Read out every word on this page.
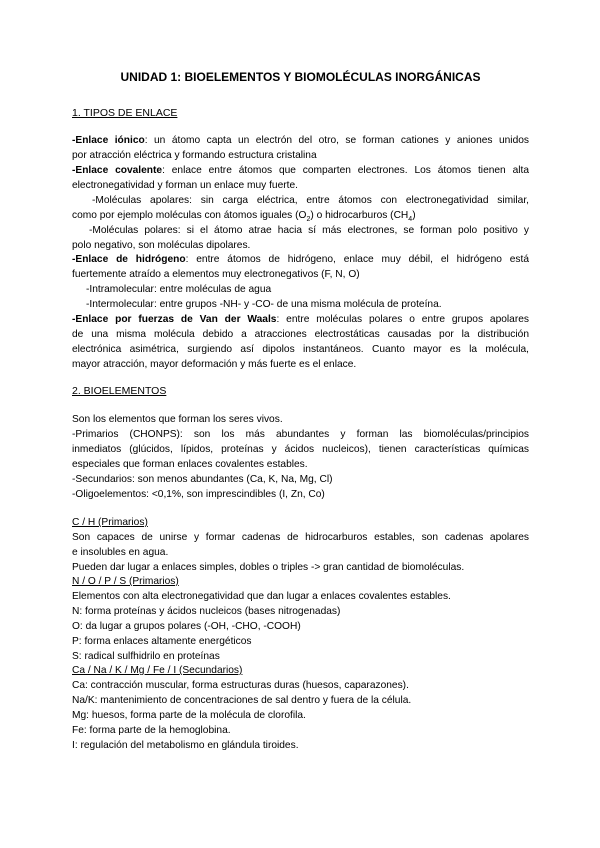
UNIDAD 1: BIOELEMENTOS Y BIOMOLÉCULAS INORGÁNICAS
1. TIPOS DE ENLACE
-Enlace iónico: un átomo capta un electrón del otro, se forman cationes y aniones unidos
por atracción eléctrica y formando estructura cristalina
-Enlace covalente: enlace entre átomos que comparten electrones. Los átomos tienen alta
electronegatividad y forman un enlace muy fuerte.
-Moléculas apolares: sin carga eléctrica, entre átomos con electronegatividad similar,
como por ejemplo moléculas con átomos iguales $(O_2)$ o hidrocarburos $(CH_4)$
-Moléculas polares: si el átomo atrae hacia sí más electrones, se forman polo positivo y
polo negativo, son moléculas dipolares.
-Enlace de hidrógeno: entre átomos de hidrógeno, enlace muy débil, el hidrógeno está
fuertemente atraído a elementos muy electronegativos (F, N, O)
-Intramolecular: entre moléculas de agua
-Intermolecular: entre grupos -NH- y -CO- de una misma molécula de proteína.
-Enlace por fuerzas de Van der Waals: entre moléculas polares o entre grupos apolares
de una misma molécula debido a atracciones electrostáticas causadas por la distribución
electrónica asimétrica, surgiendo así dipolos instantáneos. Cuanto mayor es la molécula,
mayor atracción, mayor deformación y más fuerte es el enlace.
2. BIOELEMENTOS
Son los elementos que forman los seres vivos.
-Primarios (CHONPS): son los más abundantes y forman las biomoléculas/principios
inmediatos (glúcidos, lípidos, proteínas y ácidos nucleicos), tienen características químicas
especiales que forman enlaces covalentes estables.
-Secundarios: son menos abundantes (Ca, K, Na, Mg, Cl)
-Oligoelementos: <0,1%, son imprescindibles (I, Zn, Co)
C / H (Primarios)
Son capaces de unirse y formar cadenas de hidrocarburos estables, son cadenas apolares
e insolubles en agua.
Pueden dar lugar a enlaces simples, dobles o triples -> gran cantidad de biomoléculas.
N / O / P / S (Primarios)
Elementos con alta electronegatividad que dan lugar a enlaces covalentes estables.
N: forma proteínas y ácidos nucleicos (bases nitrogenadas)
O: da lugar a grupos polares (-OH, -CHO, -COOH)
P: forma enlaces altamente energéticos
S: radical sulfhidrilo en proteínas
Ca / Na / K / Mg / Fe / I (Secundarios)
Ca: contracción muscular, forma estructuras duras (huesos, caparazones).
Na/K: mantenimiento de concentraciones de sal dentro y fuera de la célula.
Mg: huesos, forma parte de la molécula de clorofila.
Fe: forma parte de la hemoglobina.
I: regulación del metabolismo en glándula tiroides.
